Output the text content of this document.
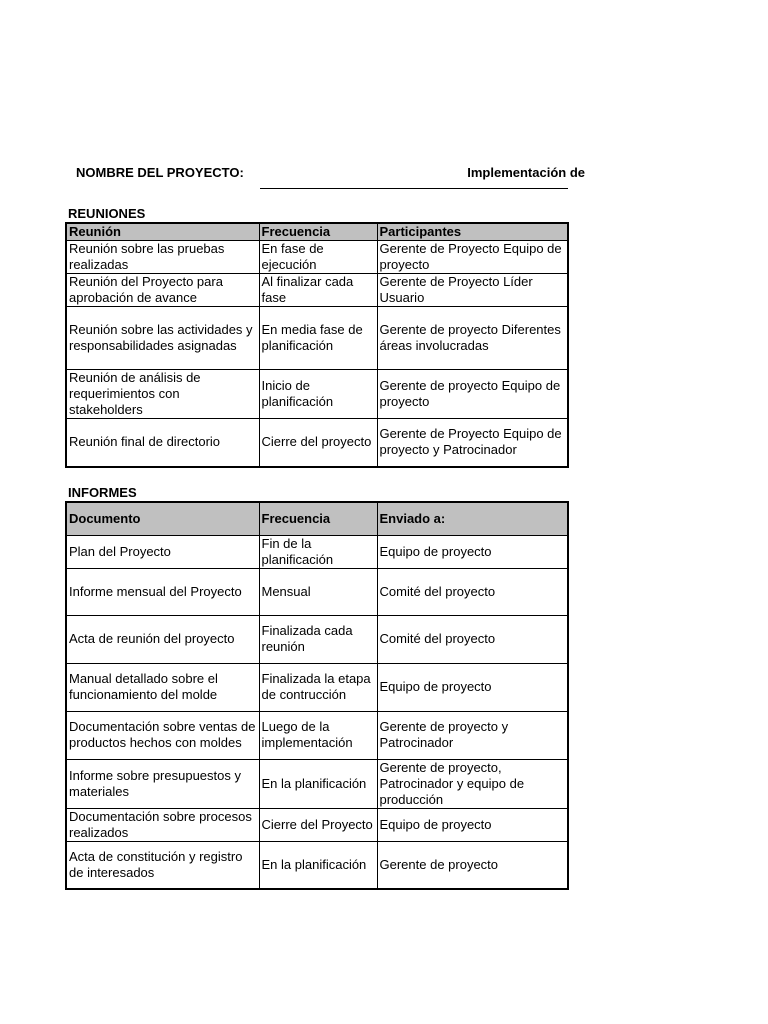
NOMBRE DEL PROYECTO:	Implementación de
REUNIONES
Reunión	Frecuencia	Participantes
Reunión sobre las pruebas realizadas	En fase de ejecución	Gerente de Proyecto Equipo de proyecto
Reunión del Proyecto para aprobación de avance	Al finalizar cada fase	Gerente de Proyecto Líder Usuario
Reunión sobre las actividades y responsabilidades asignadas	En media fase de planificación	Gerente de proyecto Diferentes áreas involucradas
Reunión de análisis de requerimientos con stakeholders	Inicio de planificación	Gerente de proyecto Equipo de proyecto
Reunión final de directorio	Cierre del proyecto	Gerente de Proyecto Equipo de proyecto y Patrocinador
INFORMES
Documento	Frecuencia	Enviado a:
Plan del Proyecto	Fin de la planificación	Equipo de proyecto
Informe mensual del Proyecto	Mensual	Comité del proyecto
Acta de reunión del proyecto	Finalizada cada reunión	Comité del proyecto
Manual detallado sobre el funcionamiento del molde	Finalizada la etapa de contrucción	Equipo de proyecto
Documentación sobre ventas de productos hechos con moldes	Luego de la implementación	Gerente de proyecto y Patrocinador
Informe sobre presupuestos y materiales	En la planificación	Gerente de proyecto, Patrocinador y equipo de producción
Documentación sobre procesos realizados	Cierre del Proyecto	Equipo de proyecto
Acta de constitución y registro de interesados	En la planificación	Gerente de proyecto
